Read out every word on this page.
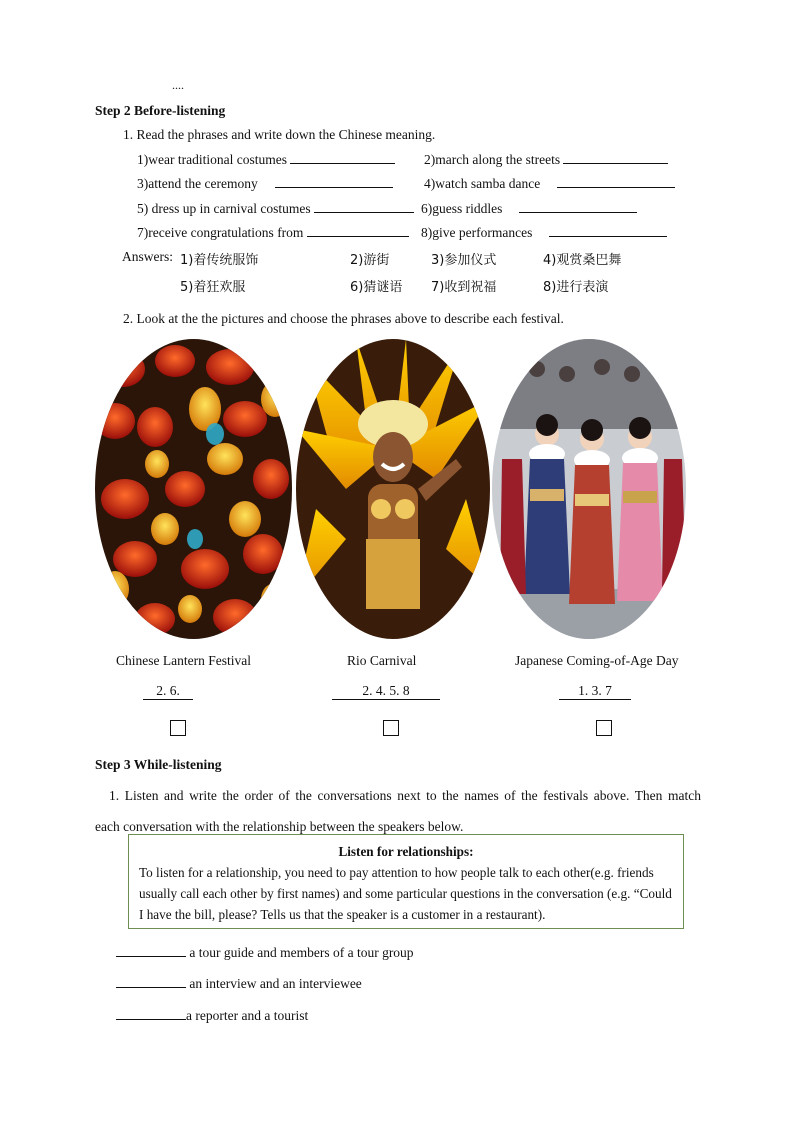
....
Step 2 Before-listening
1. Read the phrases and write down the Chinese meaning.
1)wear traditional costumes	2)march along the streets
3)attend the ceremony	4)watch samba dance
5) dress up in carnival costumes	6)guess riddles
7)receive congratulations from	8)give performances
Answers: 1)着传统服饰	2)游街	3)参加仪式	4)观赏桑巴舞
5)着狂欢服	6)猜谜语 7)收到祝福	8)进行表演
2. Look at the the pictures and choose the phrases above to describe each festival.
Chinese Lantern Festival	Rio Carnival	Japanese Coming-of-Age Day
2. 6.	2. 4. 5. 8	1. 3. 7
Step 3 While-listening
1. Listen and write the order of the conversations next to the names of the festivals above. Then match
each conversation with the relationship between the speakers below.

Listen for relationships:

To listen for a relationship, you need to pay attention to how people talk to each other(e.g. friends usually call each other by first names) and some particular questions in the conversation (e.g. “Could I have the bill, please? Tells us that the speaker is a customer in a restaurant).

a tour guide and members of a tour group
an interview and an interviewee
a reporter and a tourist
